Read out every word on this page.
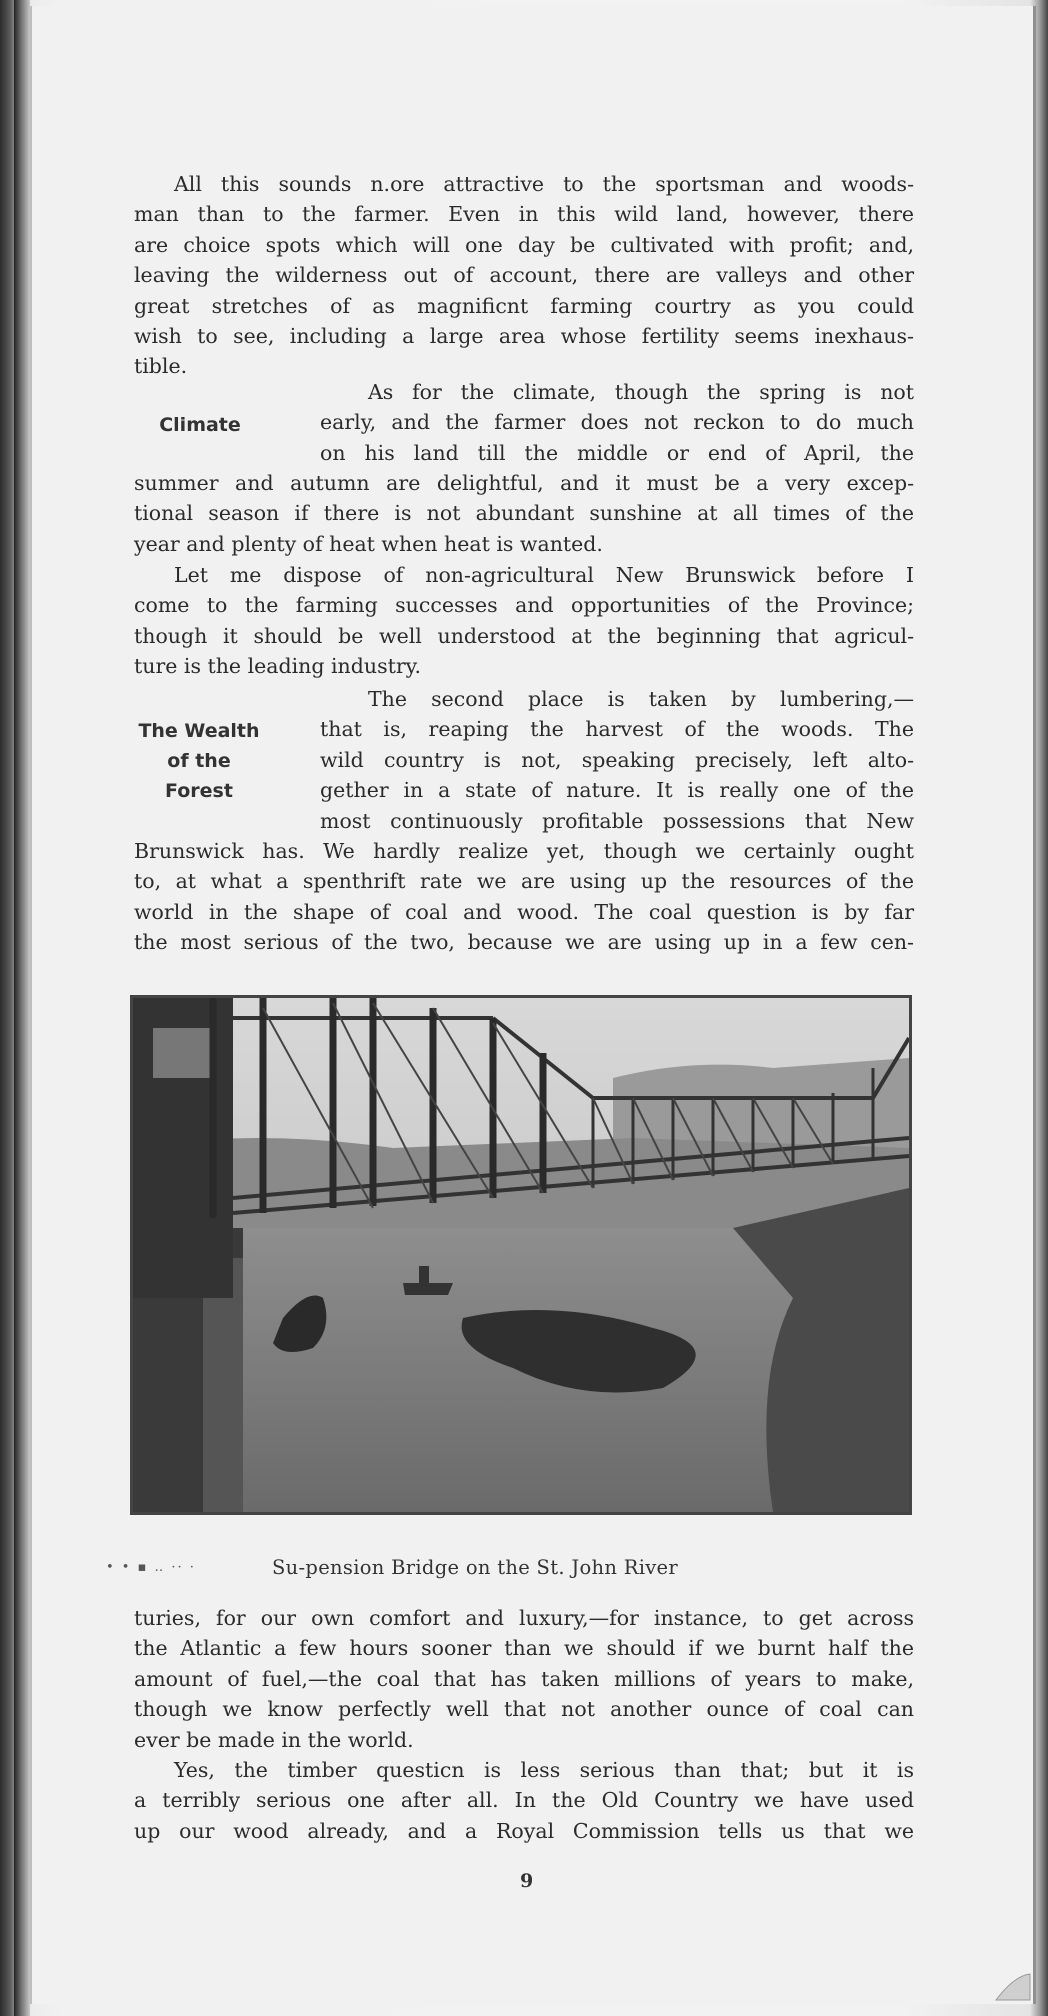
All this sounds n.ore attractive to the sportsman and woods-
man than to the farmer. Even in this wild land, however, there
are choice spots which will one day be cultivated with profit; and,
leaving the wilderness out of account, there are valleys and other
great stretches of as magnificnt farming courtry as you could
wish to see, including a large area whose fertility seems inexhaus-
tible.
Climate
As for the climate, though the spring is not
early, and the farmer does not reckon to do much
on his land till the middle or end of April, the
summer and autumn are delightful, and it must be a very excep-
tional season if there is not abundant sunshine at all times of the
year and plenty of heat when heat is wanted.
Let me dispose of non-agricultural New Brunswick before I
come to the farming successes and opportunities of the Province;
though it should be well understood at the beginning that agricul-
ture is the leading industry.
The Wealth
of the
Forest
The second place is taken by lumbering,—
that is, reaping the harvest of the woods. The
wild country is not, speaking precisely, left alto-
gether in a state of nature. It is really one of the
most continuously profitable possessions that New
Brunswick has. We hardly realize yet, though we certainly ought
to, at what a spenthrift rate we are using up the resources of the
world in the shape of coal and wood. The coal question is by far
the most serious of the two, because we are using up in a few cen-
• • ▪ ‥ ·· ·	Su-pension Bridge on the St. John River
turies, for our own comfort and luxury,—for instance, to get across
the Atlantic a few hours sooner than we should if we burnt half the
amount of fuel,—the coal that has taken millions of years to make,
though we know perfectly well that not another ounce of coal can
ever be made in the world.
Yes, the timber questicn is less serious than that; but it is
a terribly serious one after all. In the Old Country we have used
up our wood already, and a Royal Commission tells us that we
9
